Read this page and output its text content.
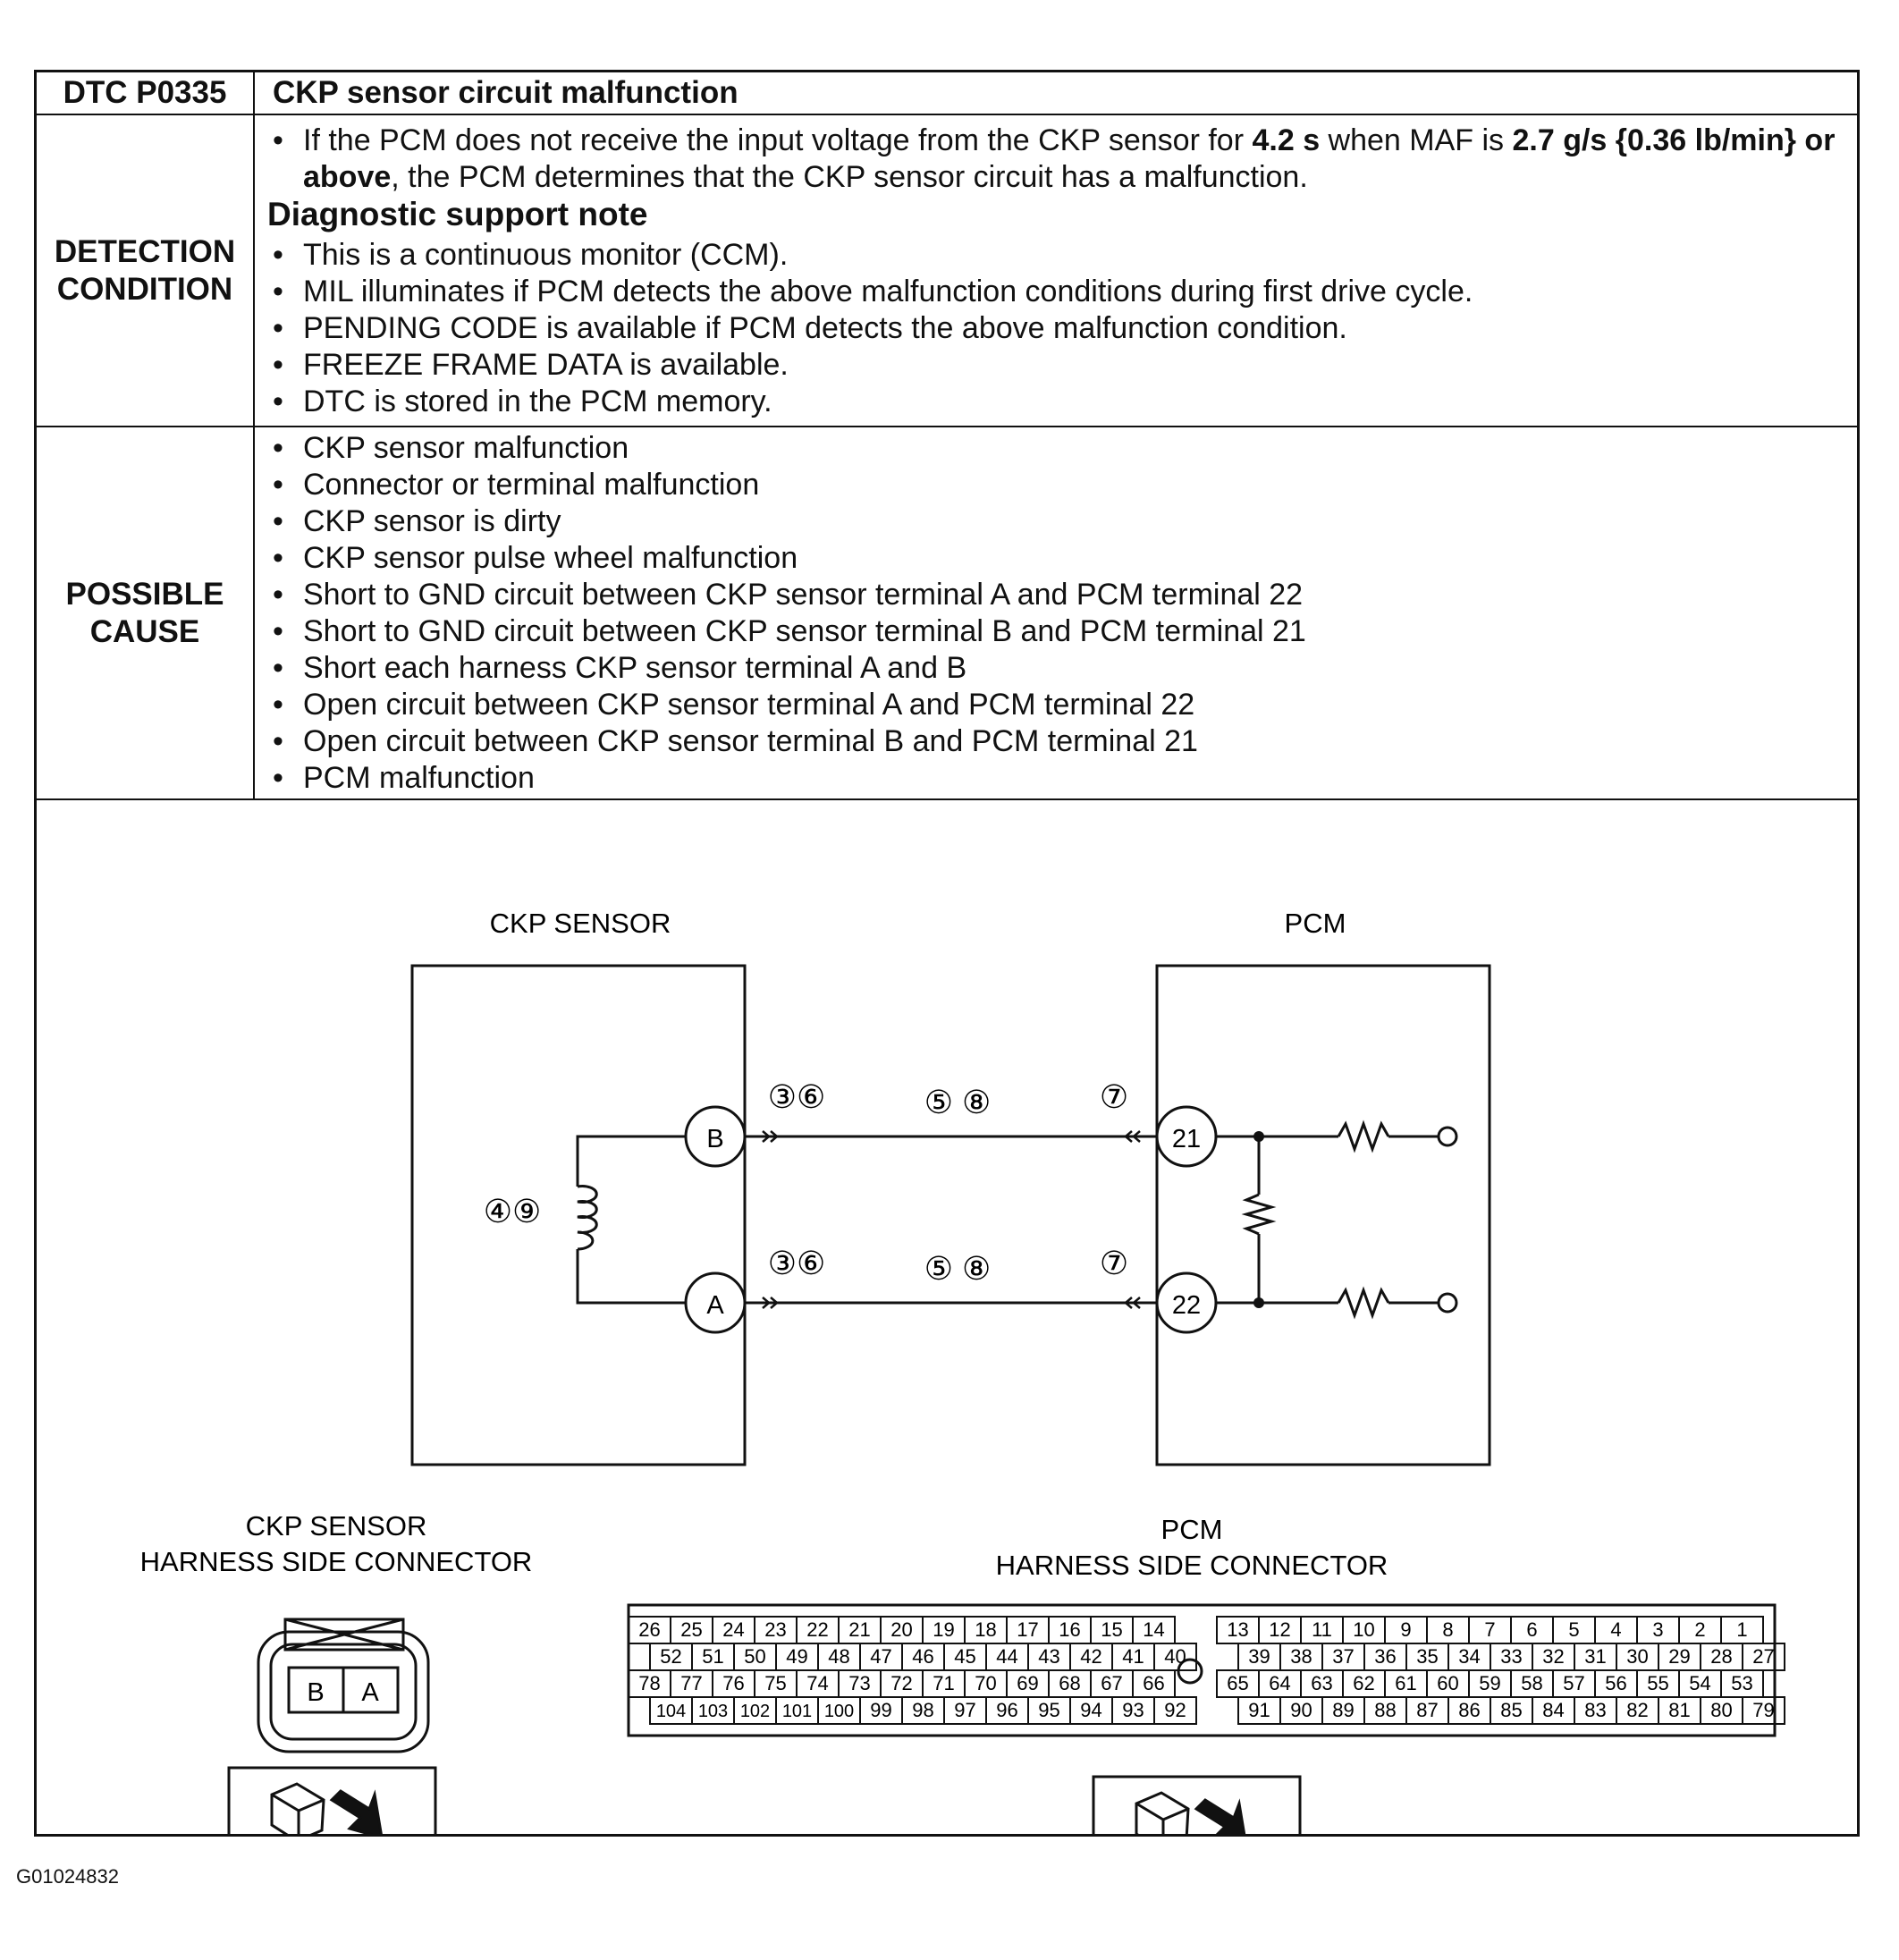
DTC P0335	CKP sensor circuit malfunction
DETECTION
CONDITION
• If the PCM does not receive the input voltage from the CKP sensor for 4.2 s when MAF is 2.7 g/s {0.36 lb/min} or above, the PCM determines that the CKP sensor circuit has a malfunction.
Diagnostic support note
• This is a continuous monitor (CCM).
• MIL illuminates if PCM detects the above malfunction conditions during first drive cycle.
• PENDING CODE is available if PCM detects the above malfunction condition.
• FREEZE FRAME DATA is available.
• DTC is stored in the PCM memory.
POSSIBLE
CAUSE
• CKP sensor malfunction
• Connector or terminal malfunction
• CKP sensor is dirty
• CKP sensor pulse wheel malfunction
• Short to GND circuit between CKP sensor terminal A and PCM terminal 22
• Short to GND circuit between CKP sensor terminal B and PCM terminal 21
• Short each harness CKP sensor terminal A and B
• Open circuit between CKP sensor terminal A and PCM terminal 22
• Open circuit between CKP sensor terminal B and PCM terminal 21
• PCM malfunction
CKP SENSOR	PCM
④⑨
B
A
③⑥
③⑥
⑤ ⑧
⑤ ⑧
⑦
⑦
21
22
CKP SENSOR
HARNESS SIDE CONNECTOR
PCM
HARNESS SIDE CONNECTOR
B A
26 25 24 23 22 21 20 19 18 17 16 15 14
52 51 50 49 48 47 46 45 44 43 42 41 40
78 77 76 75 74 73 72 71 70 69 68 67 66
104 103 102 101 100 99 98 97 96 95 94 93 92
13 12 11 10 9 8 7 6 5 4 3 2 1
39 38 37 36 35 34 33 32 31 30 29 28 27
65 64 63 62 61 60 59 58 57 56 55 54 53
91 90 89 88 87 86 85 84 83 82 81 80 79
G01024832
